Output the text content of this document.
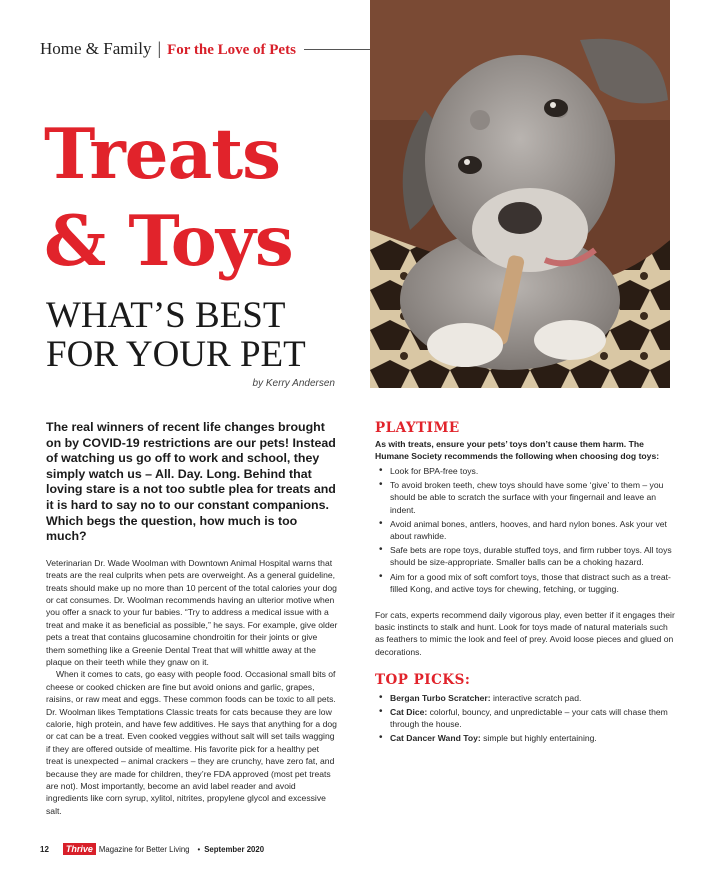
Home & Family | For the Love of Pets
Treats
& Toys
WHAT’S BEST
FOR YOUR PET
by Kerry Andersen

The real winners of recent life changes brought on by COVID-19 restrictions are our pets! Instead of watching us go off to work and school, they simply watch us – All. Day. Long. Behind that loving stare is a not too subtle plea for treats and it is hard to say no to our constant companions. Which begs the question, how much is too much?

Veterinarian Dr. Wade Woolman with Downtown Animal Hospital warns that treats are the real culprits when pets are overweight. As a general guideline, treats should make up no more than 10 percent of the total calories your dog or cat consumes. Dr. Woolman recommends having an ulterior motive when you offer a snack to your fur babies. “Try to address a medical issue with a treat and make it as beneficial as possible,” he says. For example, give older pets a treat that contains glucosamine chondroitin for their joints or give them something like a Greenie Dental Treat that will whittle away at the plaque on their teeth while they gnaw on it.

When it comes to cats, go easy with people food. Occasional small bits of cheese or cooked chicken are fine but avoid onions and garlic, grapes, raisins, or raw meat and eggs. These common foods can be toxic to all pets. Dr. Woolman likes Temptations Classic treats for cats because they are low calorie, high protein, and have few additives. He says that anything for a dog or cat can be a treat. Even cooked veggies without salt will set tails wagging if they are offered outside of mealtime. His favorite pick for a healthy pet treat is unexpected – animal crackers – they are crunchy, have zero fat, and because they are made for children, they’re FDA approved (most pet treats are not). Most importantly, become an avid label reader and avoid ingredients like corn syrup, xylitol, nitrites, propylene glycol and excessive salt.

PLAYTIME

As with treats, ensure your pets’ toys don’t cause them harm. The Humane Society recommends the following when choosing dog toys:

• Look for BPA-free toys.
• To avoid broken teeth, chew toys should have some ‘give’ to them – you should be able to scratch the surface with your fingernail and leave an indent.
• Avoid animal bones, antlers, hooves, and hard nylon bones. Ask your vet about rawhide.
• Safe bets are rope toys, durable stuffed toys, and firm rubber toys. All toys should be size-appropriate. Smaller balls can be a choking hazard.
• Aim for a good mix of soft comfort toys, those that distract such as a treat-filled Kong, and active toys for chewing, fetching, or tugging.

For cats, experts recommend daily vigorous play, even better if it engages their basic instincts to stalk and hunt. Look for toys made of natural materials such as feathers to mimic the look and feel of prey. Avoid loose pieces and glued on decorations.

TOP PICKS:
• Bergan Turbo Scratcher: interactive scratch pad.
• Cat Dice: colorful, bouncy, and unpredictable – your cats will chase them through the house.
• Cat Dancer Wand Toy: simple but highly entertaining.
12	Thrive Magazine for Better Living • September 2020
